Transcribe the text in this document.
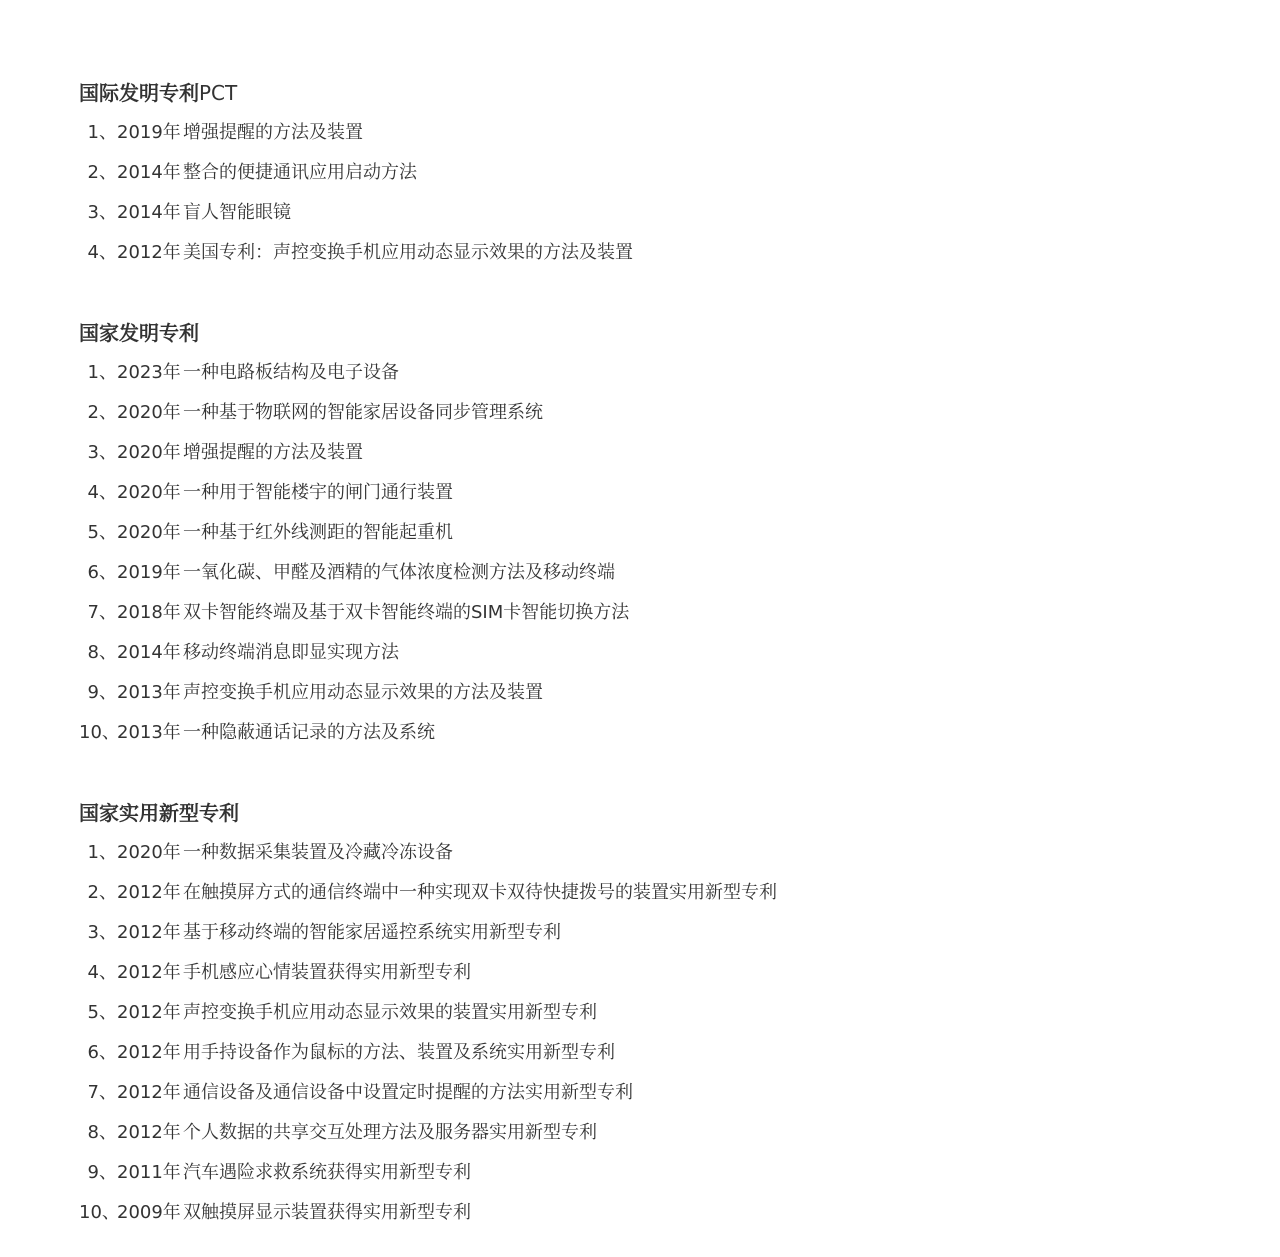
国际发明专利PCT
1、 2019年 增强提醒的方法及装置
2、 2014年 整合的便捷通讯应用启动方法
3、 2014年 盲人智能眼镜
4、 2012年 美国专利：声控变换手机应用动态显示效果的方法及装置
国家发明专利
1、 2023年 一种电路板结构及电子设备
2、 2020年 一种基于物联网的智能家居设备同步管理系统
3、 2020年 增强提醒的方法及装置
4、 2020年 一种用于智能楼宇的闸门通行装置
5、 2020年 一种基于红外线测距的智能起重机
6、 2019年 一氧化碳、甲醛及酒精的气体浓度检测方法及移动终端
7、 2018年 双卡智能终端及基于双卡智能终端的SIM卡智能切换方法
8、 2014年 移动终端消息即显实现方法
9、 2013年 声控变换手机应用动态显示效果的方法及装置
10、
2013年 一种隐蔽通话记录的方法及系统
国家实用新型专利
1、 2020年 一种数据采集装置及冷藏冷冻设备
2、 2012年 在触摸屏方式的通信终端中一种实现双卡双待快捷拨号的装置实用新型专利
3、 2012年 基于移动终端的智能家居遥控系统实用新型专利
4、 2012年 手机感应心情装置获得实用新型专利
5、 2012年 声控变换手机应用动态显示效果的装置实用新型专利
6、 2012年 用手持设备作为鼠标的方法、装置及系统实用新型专利
7、 2012年 通信设备及通信设备中设置定时提醒的方法实用新型专利
8、 2012年 个人数据的共享交互处理方法及服务器实用新型专利
9、 2011年 汽车遇险求救系统获得实用新型专利
10、
2009年 双触摸屏显示装置获得实用新型专利
